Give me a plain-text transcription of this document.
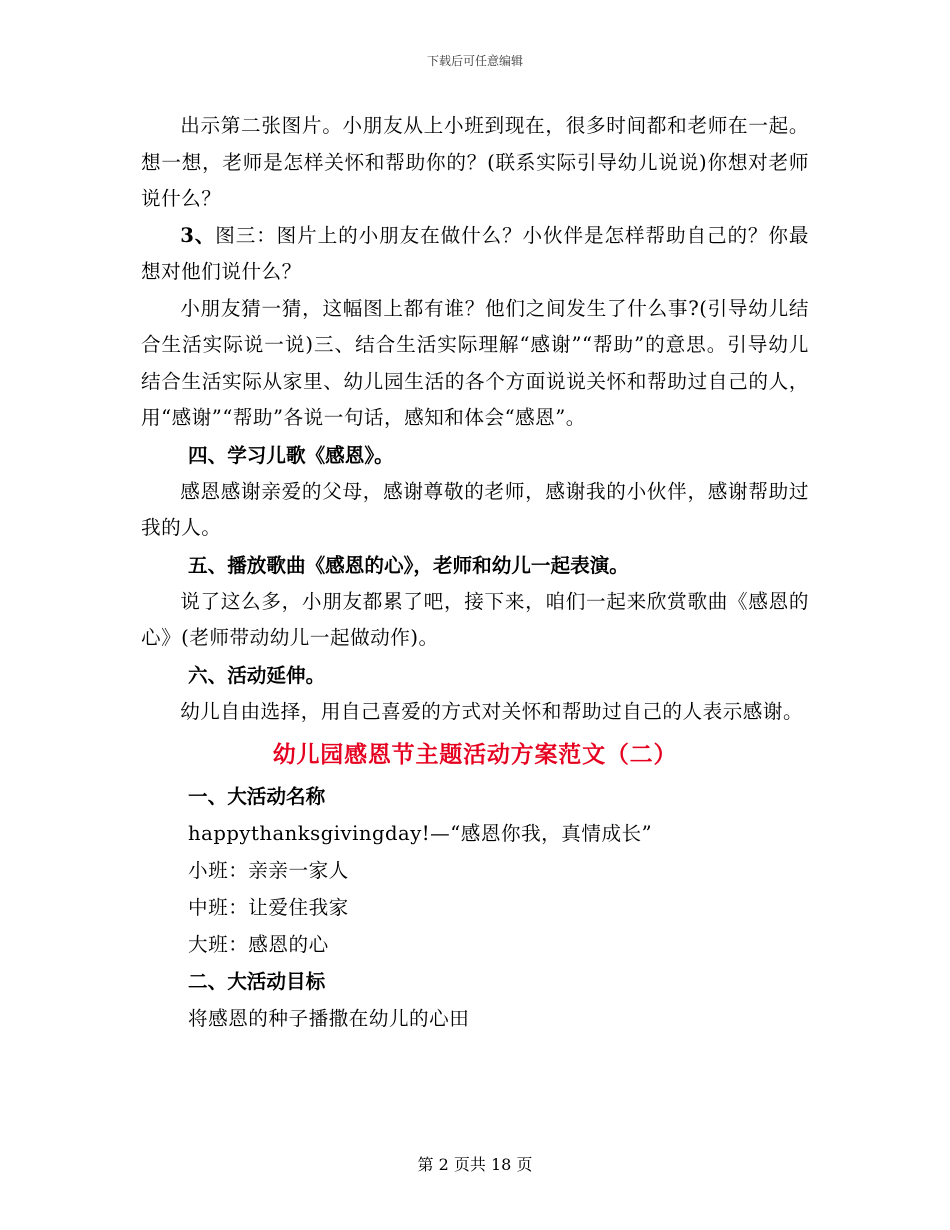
下载后可任意编辑

出示第二张图片。小朋友从上小班到现在，很多时间都和老师在一起。想一想，老师是怎样关怀和帮助你的？(联系实际引导幼儿说说)你想对老师说什么？

3、图三：图片上的小朋友在做什么？小伙伴是怎样帮助自己的？你最想对他们说什么？

小朋友猜一猜，这幅图上都有谁？他们之间发生了什么事?(引导幼儿结合生活实际说一说)三、结合生活实际理解“感谢”“帮助”的意思。引导幼儿结合生活实际从家里、幼儿园生活的各个方面说说关怀和帮助过自己的人，用“感谢”“帮助”各说一句话，感知和体会“感恩”。

四、学习儿歌《感恩》。

感恩感谢亲爱的父母，感谢尊敬的老师，感谢我的小伙伴，感谢帮助过我的人。

五、播放歌曲《感恩的心》，老师和幼儿一起表演。

说了这么多，小朋友都累了吧，接下来，咱们一起来欣赏歌曲《感恩的心》(老师带动幼儿一起做动作)。

六、活动延伸。

幼儿自由选择，用自己喜爱的方式对关怀和帮助过自己的人表示感谢。

幼儿园感恩节主题活动方案范文（二）

一、大活动名称

happythanksgivingday!—“感恩你我，真情成长”

小班：亲亲一家人

中班：让爱住我家

大班：感恩的心

二、大活动目标

将感恩的种子播撒在幼儿的心田

第 2 页共 18 页
